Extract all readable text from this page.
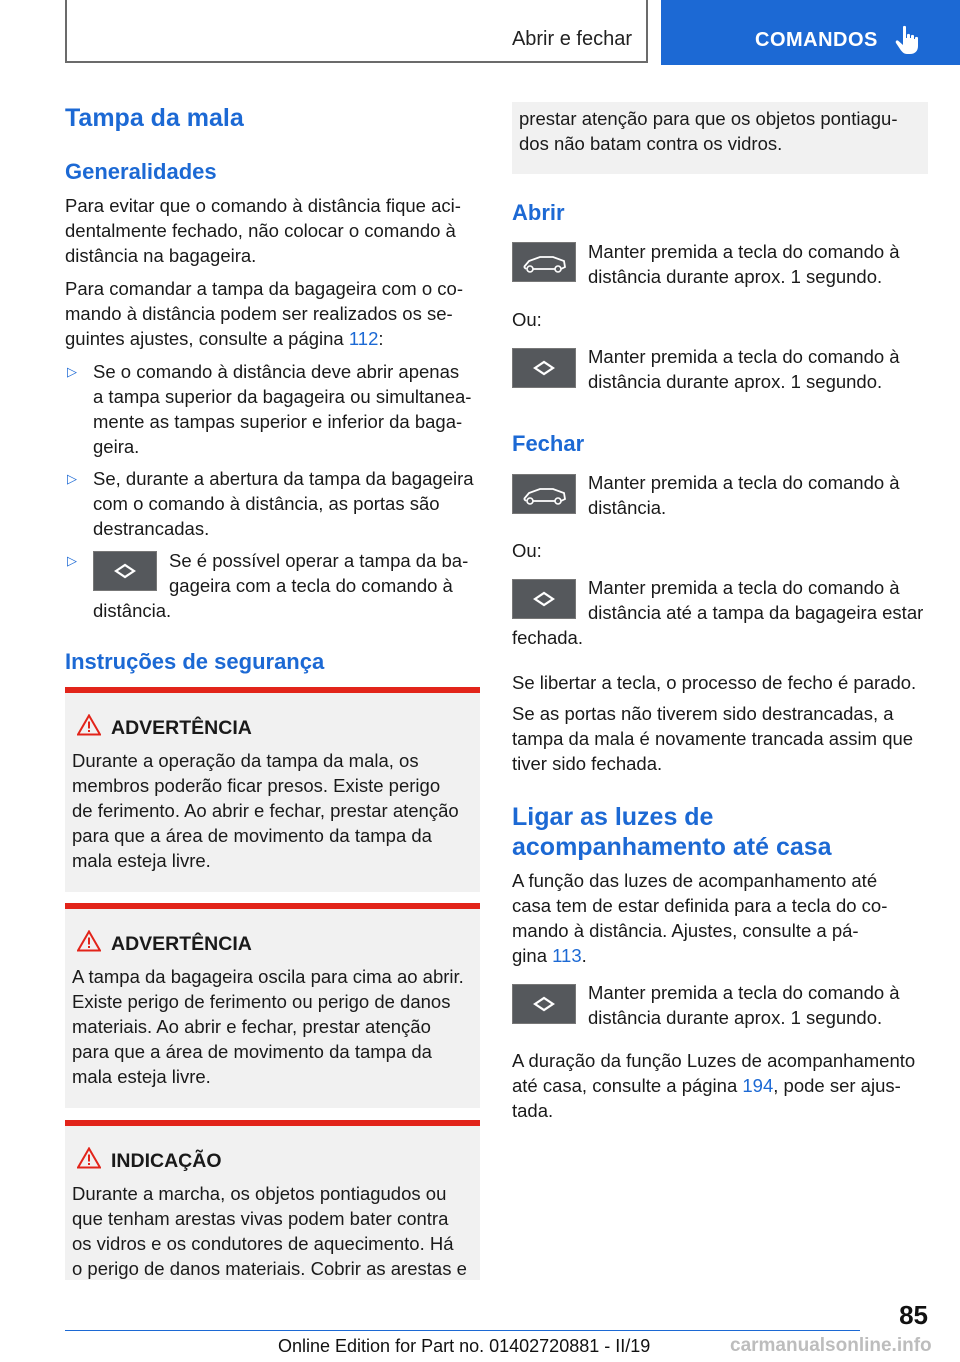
Abrir e fechar	COMANDOS
Tampa da mala
Generalidades
Para evitar que o comando à distância fique aci-
dentalmente fechado, não colocar o comando à
distância na bagageira.
Para comandar a tampa da bagageira com o co-
mando à distância podem ser realizados os se-
guintes ajustes, consulte a página 112:
▷ Se o comando à distância deve abrir apenas
a tampa superior da bagageira ou simultanea-
mente as tampas superior e inferior da baga-
geira.
▷ Se, durante a abertura da tampa da bagageira
com o comando à distância, as portas são
destrancadas.
▷	Se é possível operar a tampa da ba-
gageira com a tecla do comando à
distância.
Instruções de segurança
ADVERTÊNCIA
Durante a operação da tampa da mala, os
membros poderão ficar presos. Existe perigo
de ferimento. Ao abrir e fechar, prestar atenção
para que a área de movimento da tampa da
mala esteja livre.
ADVERTÊNCIA
A tampa da bagageira oscila para cima ao abrir.
Existe perigo de ferimento ou perigo de danos
materiais. Ao abrir e fechar, prestar atenção
para que a área de movimento da tampa da
mala esteja livre.
INDICAÇÃO
Durante a marcha, os objetos pontiagudos ou
que tenham arestas vivas podem bater contra
os vidros e os condutores de aquecimento. Há
o perigo de danos materiais. Cobrir as arestas e
prestar atenção para que os objetos pontiagu-
dos não batam contra os vidros.
Abrir
Manter premida a tecla do comando à
distância durante aprox. 1 segundo.
Ou:
Manter premida a tecla do comando à
distância durante aprox. 1 segundo.
Fechar
Manter premida a tecla do comando à
distância.
Ou:
Manter premida a tecla do comando à
distância até a tampa da bagageira estar
fechada.
Se libertar a tecla, o processo de fecho é parado.
Se as portas não tiverem sido destrancadas, a
tampa da mala é novamente trancada assim que
tiver sido fechada.
Ligar as luzes de
acompanhamento até casa
A função das luzes de acompanhamento até
casa tem de estar definida para a tecla do co-
mando à distância. Ajustes, consulte a pá-
gina 113.
Manter premida a tecla do comando à
distância durante aprox. 1 segundo.
A duração da função Luzes de acompanhamento
até casa, consulte a página 194, pode ser ajus-
tada.
85
Online Edition for Part no. 01402720881 - II/19	carmanualsonline.info
